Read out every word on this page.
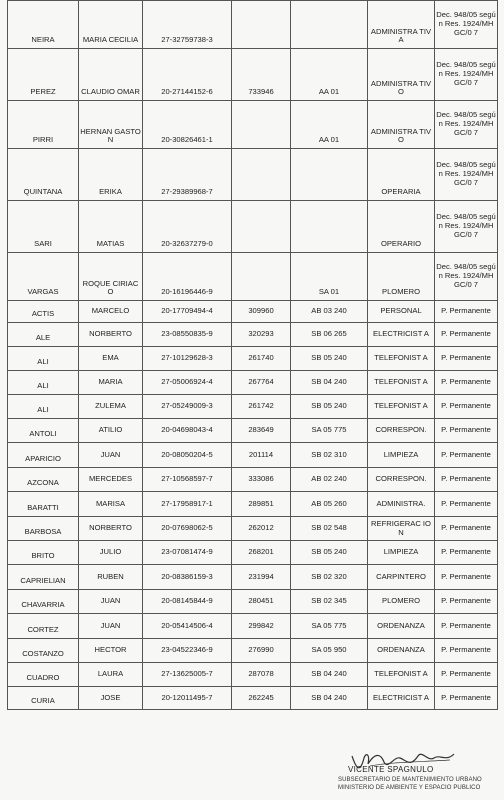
NEIRA	MARIA CECILIA	27-32759738-3			ADMINISTRA TIVA	Dec. 948/05 según Res. 1924/MHGC/0 7
PEREZ	CLAUDIO OMAR	20-27144152-6	733946	AA 01	ADMINISTRA TIVO	Dec. 948/05 según Res. 1924/MHGC/0 7
PIRRI	HERNAN GASTON	20-30826461-1		AA 01	ADMINISTRA TIVO	Dec. 948/05 según Res. 1924/MHGC/0 7
QUINTANA	ERIKA	27-29389968-7			OPERARIA	Dec. 948/05 según Res. 1924/MHGC/0 7
SARI	MATIAS	20-32637279-0			OPERARIO	Dec. 948/05 según Res. 1924/MHGC/0 7
VARGAS	ROQUE CIRIACO	20-16196446-9		SA 01	PLOMERO	Dec. 948/05 según Res. 1924/MHGC/0 7
ACTIS	MARCELO	20-17709494-4	309960	AB 03 240	PERSONAL	P. Permanente
ALE	NORBERTO	23-08550835-9	320293	SB 06 265	ELECTRICIST A	P. Permanente
ALI	EMA	27-10129628-3	261740	SB 05 240	TELEFONIST A	P. Permanente
ALI	MARIA	27-05006924-4	267764	SB 04 240	TELEFONIST A	P. Permanente
ALI	ZULEMA	27-05249009-3	261742	SB 05 240	TELEFONIST A	P. Permanente
ANTOLI	ATILIO	20-04698043-4	283649	SA 05 775	CORRESPON.	P. Permanente
APARICIO	JUAN	20-08050204-5	201114	SB 02 310	LIMPIEZA	P. Permanente
AZCONA	MERCEDES	27-10568597-7	333086	AB 02 240	CORRESPON.	P. Permanente
BARATTI	MARISA	27-17958917-1	289851	AB 05 260	ADMINISTRA.	P. Permanente
BARBOSA	NORBERTO	20-07698062-5	262012	SB 02 548	REFRIGERAC ION	P. Permanente
BRITO	JULIO	23-07081474-9	268201	SB 05 240	LIMPIEZA	P. Permanente
CAPRIELIAN	RUBEN	20-08386159-3	231994	SB 02 320	CARPINTERO	P. Permanente
CHAVARRIA	JUAN	20-08145844-9	280451	SB 02 345	PLOMERO	P. Permanente
CORTEZ	JUAN	20-05414506-4	299842	SA 05 775	ORDENANZA	P. Permanente
COSTANZO	HECTOR	23-04522346-9	276990	SA 05 950	ORDENANZA	P. Permanente
CUADRO	LAURA	27-13625005-7	287078	SB 04 240	TELEFONIST A	P. Permanente
CURIA	JOSE	20-12011495-7	262245	SB 04 240	ELECTRICIST A	P. Permanente
VICENTE SPAGNULO
SUBSECRETARIO DE MANTENIMIENTO URBANO
MINISTERIO DE AMBIENTE Y ESPACIO PUBLICO
